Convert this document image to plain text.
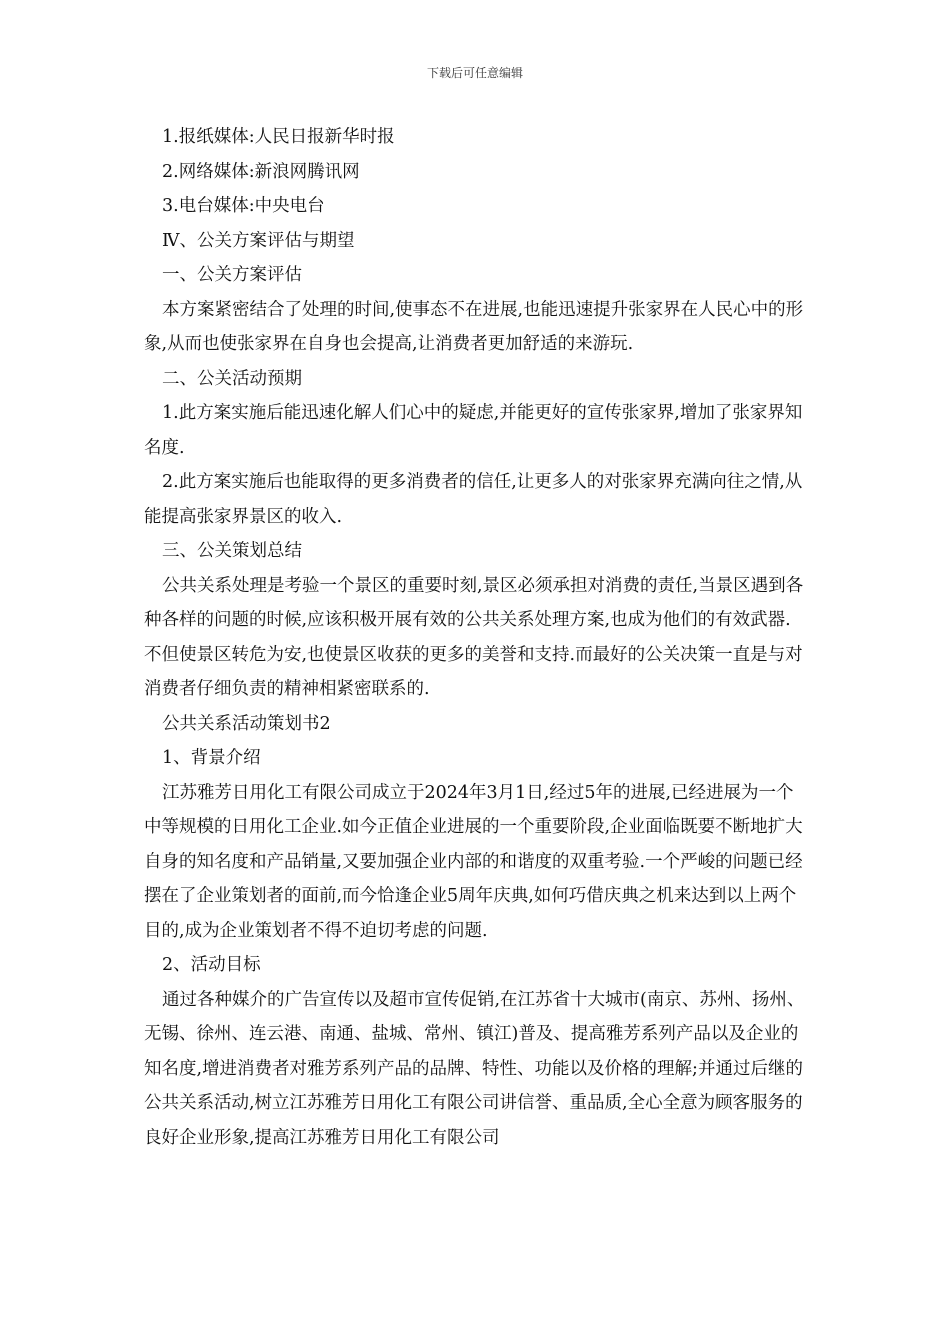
下载后可任意编辑

1.报纸媒体:人民日报新华时报

2.网络媒体:新浪网腾讯网

3.电台媒体:中央电台

Ⅳ、公关方案评估与期望

一、公关方案评估

本方案紧密结合了处理的时间,使事态不在进展,也能迅速提升张家界在人民心中的形象,从而也使张家界在自身也会提高,让消费者更加舒适的来游玩.

二、公关活动预期

1.此方案实施后能迅速化解人们心中的疑虑,并能更好的宣传张家界,增加了张家界知名度.

2.此方案实施后也能取得的更多消费者的信任,让更多人的对张家界充满向往之情,从能提高张家界景区的收入.

三、公关策划总结

公共关系处理是考验一个景区的重要时刻,景区必须承担对消费的责任,当景区遇到各种各样的问题的时候,应该积极开展有效的公共关系处理方案,也成为他们的有效武器.不但使景区转危为安,也使景区收获的更多的美誉和支持.而最好的公关决策一直是与对消费者仔细负责的精神相紧密联系的.

公共关系活动策划书2

1、背景介绍

江苏雅芳日用化工有限公司成立于2024年3月1日,经过5年的进展,已经进展为一个中等规模的日用化工企业.如今正值企业进展的一个重要阶段,企业面临既要不断地扩大自身的知名度和产品销量,又要加强企业内部的和谐度的双重考验.一个严峻的问题已经摆在了企业策划者的面前,而今恰逢企业5周年庆典,如何巧借庆典之机来达到以上两个目的,成为企业策划者不得不迫切考虑的问题.

2、活动目标

通过各种媒介的广告宣传以及超市宣传促销,在江苏省十大城市(南京、苏州、扬州、无锡、徐州、连云港、南通、盐城、常州、镇江)普及、提高雅芳系列产品以及企业的知名度,增进消费者对雅芳系列产品的品牌、特性、功能以及价格的理解;并通过后继的公共关系活动,树立江苏雅芳日用化工有限公司讲信誉、重品质,全心全意为顾客服务的良好企业形象,提高江苏雅芳日用化工有限公司
